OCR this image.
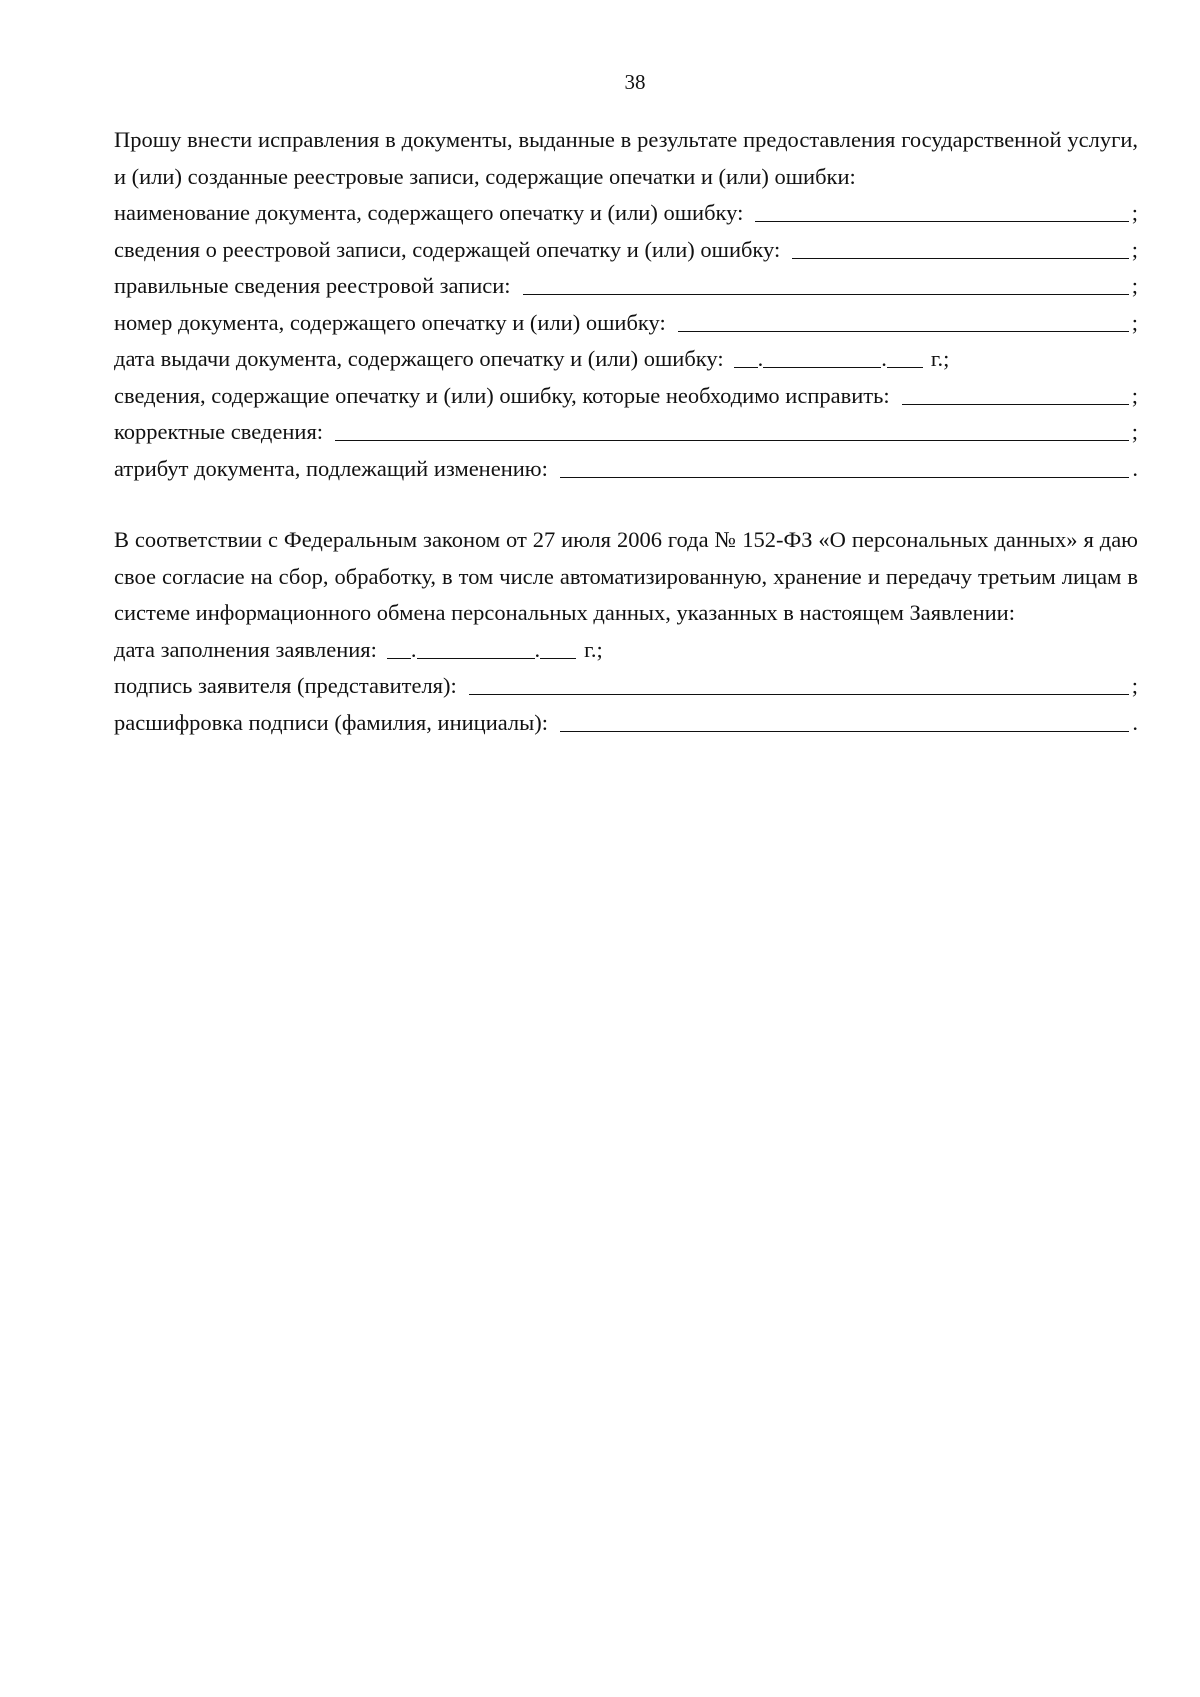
38

Прошу внести исправления в документы, выданные в результате предоставления государственной услуги, и (или) созданные реестровые записи, содержащие опечатки и (или) ошибки:

наименование документа, содержащего опечатку и (или) ошибку:	;
сведения о реестровой записи, содержащей опечатку и (или) ошибку:	;
правильные сведения реестровой записи:	;
номер документа, содержащего опечатку и (или) ошибку:	;
дата выдачи документа, содержащего опечатку и (или) ошибку: .	. г.;
сведения, содержащие опечатку и (или) ошибку, которые необходимо исправить:	;
корректные сведения:	;
атрибут документа, подлежащий изменению:	.

В соответствии с Федеральным законом от 27 июля 2006 года № 152-ФЗ «О персональных данных» я даю свое согласие на сбор, обработку, в том числе автоматизированную, хранение и передачу третьим лицам в системе информационного обмена персональных данных, указанных в настоящем Заявлении:

дата заполнения заявления: .	. г.;
подпись заявителя (представителя):	;
расшифровка подписи (фамилия, инициалы):	.
